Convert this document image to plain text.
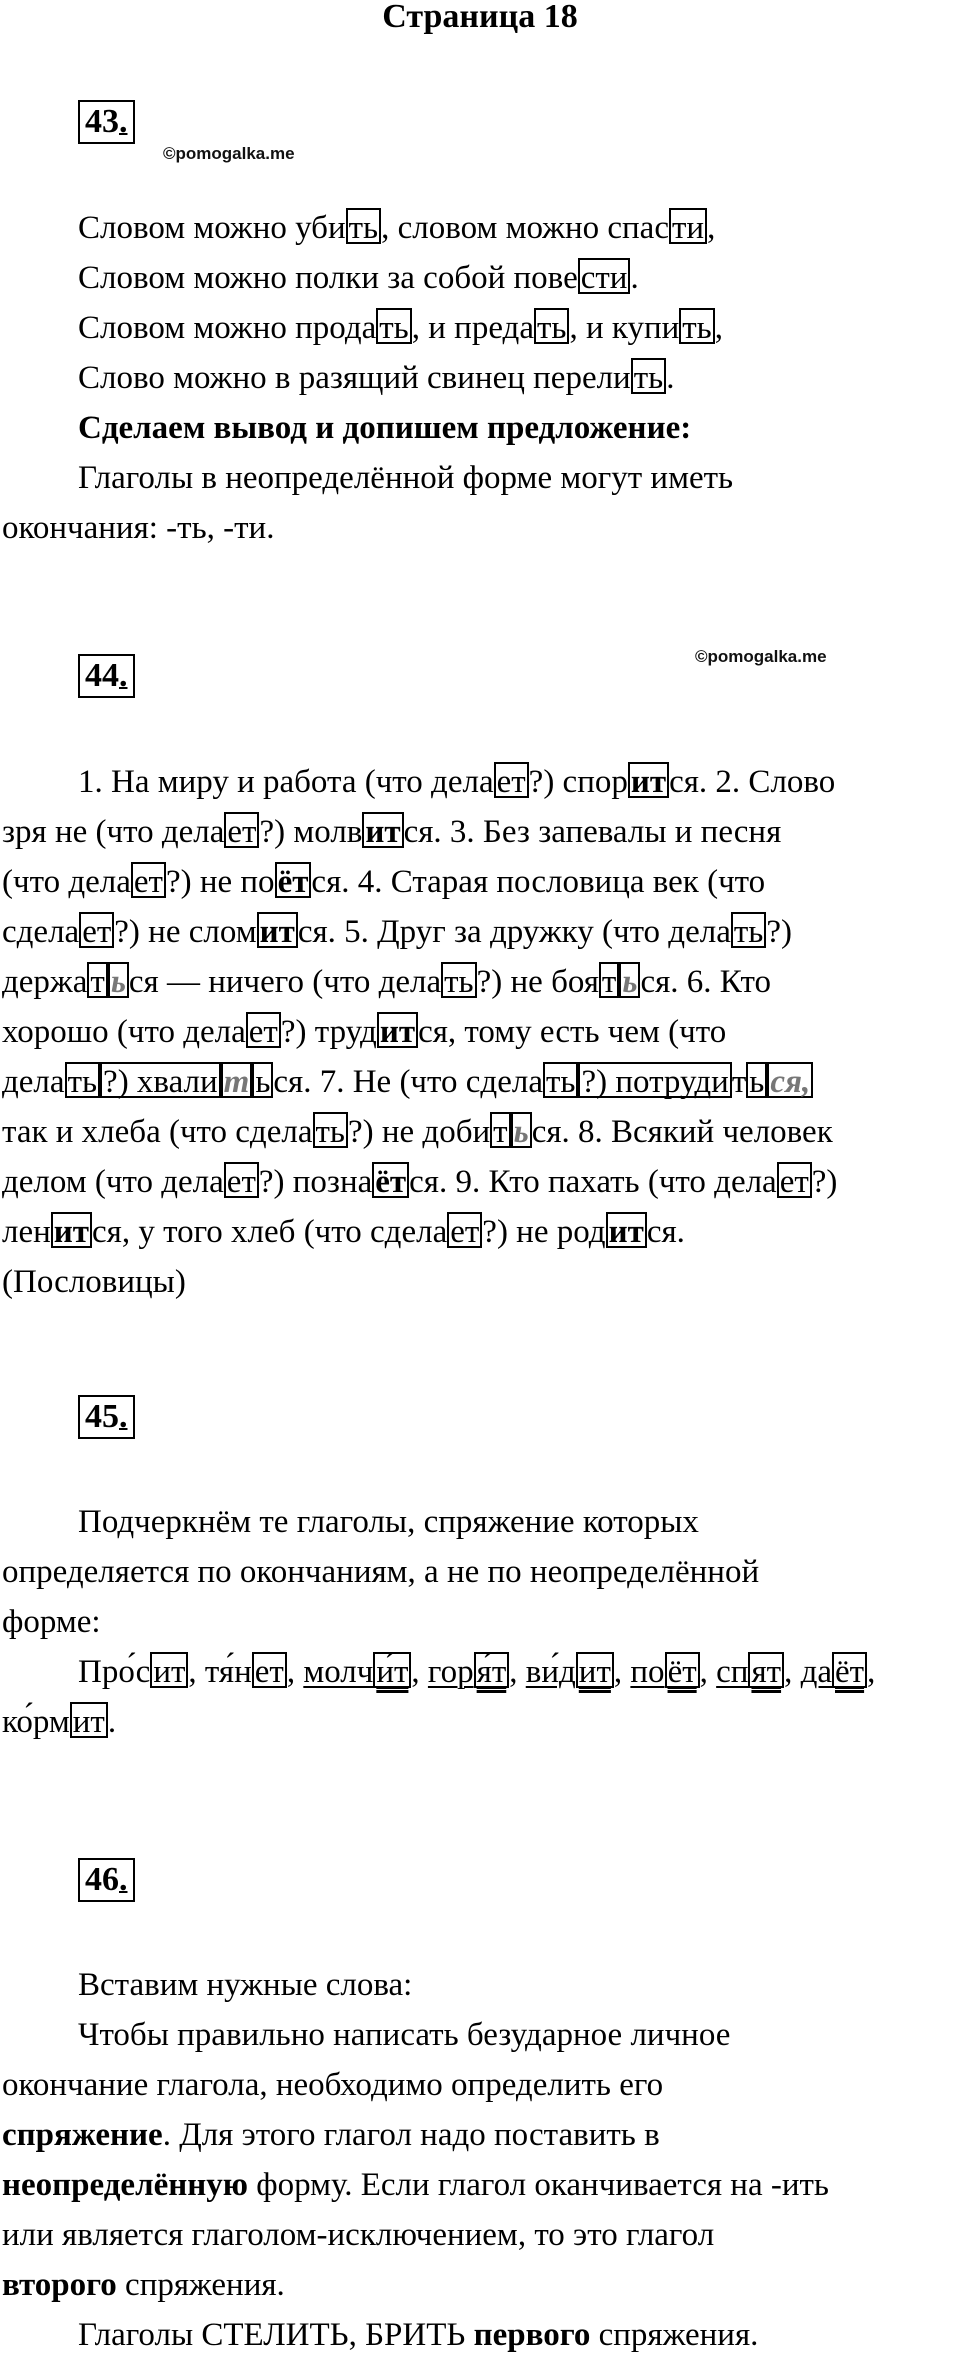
Страница 18
43.
©pomogalka.me
Словом можно убить, словом можно спасти,
Словом можно полки за собой повести.
Словом можно продать, и предать, и купить,
Слово можно в разящий свинец перелить.
Сделаем вывод и допишем предложение:
Глаголы в неопределённой форме могут иметь
окончания: -ть, -ти.
©pomogalka.me
44.
1. На миру и работа (что делает?) спорится. 2. Слово
зря не (что делает?) молвится. 3. Без запевалы и песня
(что делает?) не поётся. 4. Старая пословица век (что
сделает?) не сломится. 5. Друг за дружку (что делать?)
держат ься — ничего (что делать?) не боят ься. 6. Кто
хорошо (что делает?) трудится, тому есть чем (что
делать ?) хвали т ься. 7. Не (что сделать ?) потрудить ся,
так и хлеба (что сделать?) не добит ься. 8. Всякий человек
делом (что делает?) познаётся. 9. Кто пахать (что делает?)
ленится, у того хлеб (что сделает?) не родится.
(Пословицы)
45.
Подчеркнём те глаголы, спряжение которых
определяется по окончаниям, а не по неопределённой
форме:
Про́сит, тя́нет, молчи́т, горя́т, ви́дит, поёт, спят, даёт,
ко́рмит.
46.
Вставим нужные слова:
Чтобы правильно написать безударное личное
окончание глагола, необходимо определить его
спряжение. Для этого глагол надо поставить в
неопределённую форму. Если глагол оканчивается на -ить
или является глаголом-исключением, то это глагол
второго спряжения.
Глаголы СТЕЛИТЬ, БРИТЬ первого спряжения.
